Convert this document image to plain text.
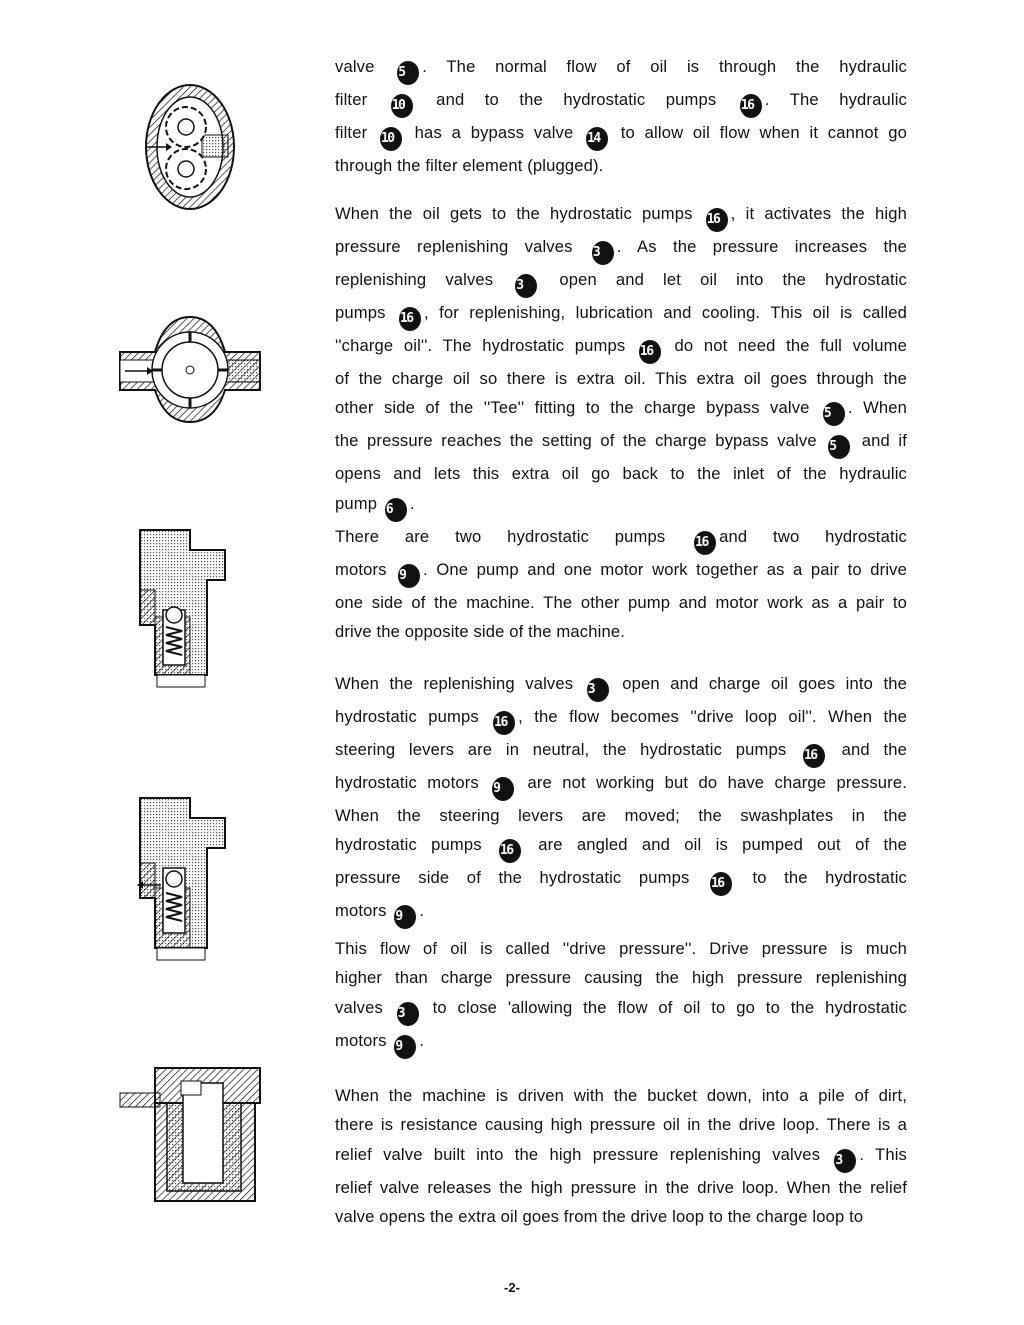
valve 5 . The normal flow of oil is through the hydraulic
filter 10 and to the hydrostatic pumps 16 . The hydraulic
filter 10 has a bypass valve 14 to allow oil flow when it cannot go
through the filter element (plugged).

When the oil gets to the hydrostatic pumps 16 , it activates the high
pressure replenishing valves 3 . As the pressure increases the
replenishing valves 3 open and let oil into the hydrostatic
pumps 16 , for replenishing, lubrication and cooling. This oil is called
''charge oil''. The hydrostatic pumps 16 do not need the full volume
of the charge oil so there is extra oil. This extra oil goes through the
other side of the ''Tee'' fitting to the charge bypass valve 5 . When
the pressure reaches the setting of the charge bypass valve 5 and if
opens and lets this extra oil go back to the inlet of the hydraulic
pump 6 .

There are two hydrostatic pumps 16 and two hydrostatic
motors 9 . One pump and one motor work together as a pair to drive
one side of the machine. The other pump and motor work as a pair to
drive the opposite side of the machine.

When the replenishing valves 3 open and charge oil goes into the
hydrostatic pumps 16 , the flow becomes ''drive loop oil''. When the
steering levers are in neutral, the hydrostatic pumps 16 and the
hydrostatic motors 9 are not working but do have charge pressure.
When the steering levers are moved; the swashplates in the
hydrostatic pumps 16 are angled and oil is pumped out of the
pressure side of the hydrostatic pumps 16 to the hydrostatic
motors 9 .

This flow of oil is called ''drive pressure''. Drive pressure is much
higher than charge pressure causing the high pressure replenishing
valves 3 to close 'allowing the flow of oil to go to the hydrostatic
motors 9 .

When the machine is driven with the bucket down, into a pile of dirt,
there is resistance causing high pressure oil in the drive loop. There is a
relief valve built into the high pressure replenishing valves 3 . This
relief valve releases the high pressure in the drive loop. When the relief
valve opens the extra oil goes from the drive loop to the charge loop to

-2-
